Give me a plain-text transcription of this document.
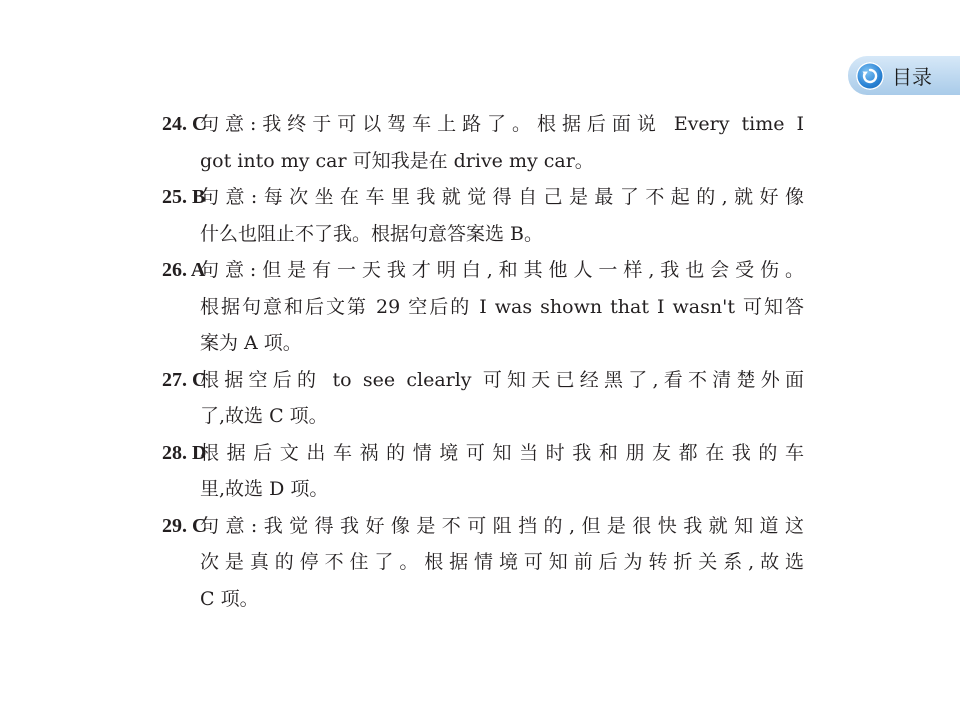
目录
24. C
句意:我终于可以驾车上路了。根据后面说 Every time I
got into my car 可知我是在 drive my car。
25. B
句意:每次坐在车里我就觉得自己是最了不起的,就好像
什么也阻止不了我。根据句意答案选 B。
26. A
句意:但是有一天我才明白,和其他人一样,我也会受伤。
根据句意和后文第 29 空后的 I was shown that I wasn't 可知答
案为 A 项。
27. C
根据空后的 to see clearly 可知天已经黑了,看不清楚外面
了,故选 C 项。
28. D
根据后文出车祸的情境可知当时我和朋友都在我的车
里,故选 D 项。
29. C
句意:我觉得我好像是不可阻挡的,但是很快我就知道这
次是真的停不住了。根据情境可知前后为转折关系,故选
C 项。
